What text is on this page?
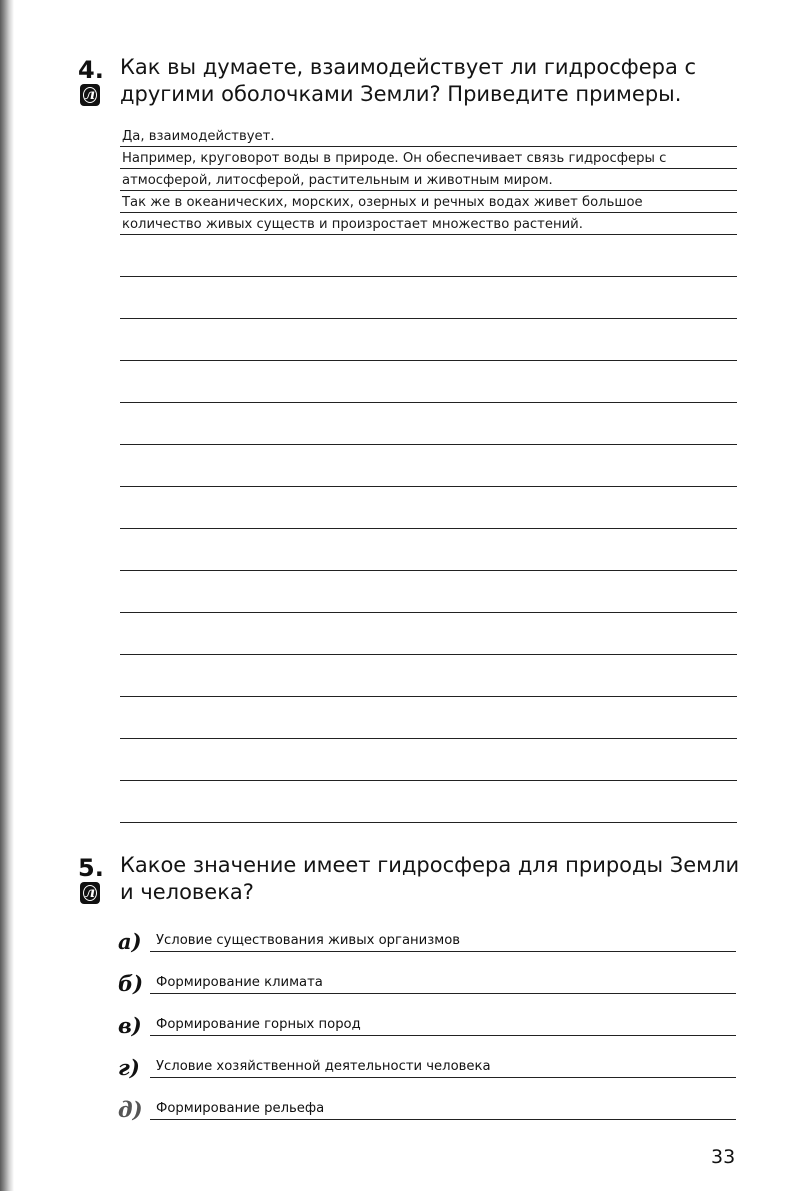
4.
л
Как вы думаете, взаимодействует ли гидросфера с другими оболочками Земли? Приведите примеры.
Да, взаимодействует.
Например, круговорот воды в природе. Он обеспечивает связь гидросферы с
атмосферой, литосферой, растительным и животным миром.
Так же в океанических, морских, озерных и речных водах живет большое
количество живых существ и произростает множество растений.
5.
л
Какое значение имеет гидросфера для природы Земли и человека?
а) Условие существования живых организмов
б) Формирование климата
в) Формирование горных пород
г) Условие хозяйственной деятельности человека
д) Формирование рельефа
33
